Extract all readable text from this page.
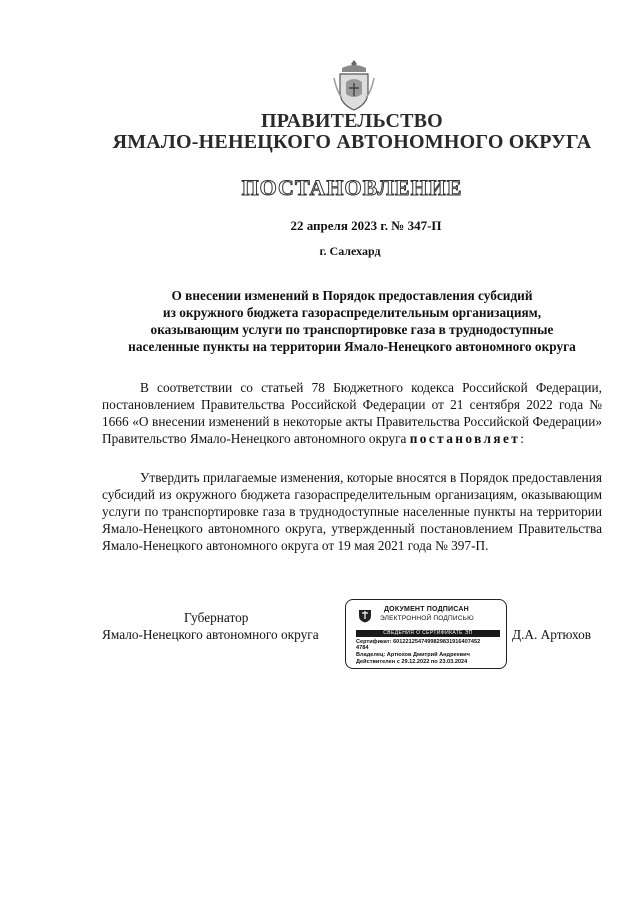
ПРАВИТЕЛЬСТВО
ЯМАЛО-НЕНЕЦКОГО АВТОНОМНОГО ОКРУГА
ПОСТАНОВЛЕНИЕ
22 апреля 2023 г. № 347-П
г. Салехард
О внесении изменений в Порядок предоставления субсидий
из окружного бюджета газораспределительным организациям,
оказывающим услуги по транспортировке газа в труднодоступные
населенные пункты на территории Ямало-Ненецкого автономного округа
В соответствии со статьей 78 Бюджетного кодекса Российской Федерации, постановлением Правительства Российской Федерации от 21 сентября 2022 года № 1666 «О внесении изменений в некоторые акты Правительства Российской Федерации» Правительство Ямало-Ненецкого автономного округа постановляет:
Утвердить прилагаемые изменения, которые вносятся в Порядок предоставления субсидий из окружного бюджета газораспределительным организациям, оказывающим услуги по транспортировке газа в труднодоступные населенные пункты на территории Ямало-Ненецкого автономного округа, утвержденный постановлением Правительства Ямало-Ненецкого автономного округа от 19 мая 2021 года № 397-П.
Губернатор
Ямало-Ненецкого автономного округа
ДОКУМЕНТ ПОДПИСАН
ЭЛЕКТРОННОЙ ПОДПИСЬЮ
СВЕДЕНИЯ О СЕРТИФИКАТЕ ЭП
Сертификат: 6012212547499829831916407452
4784
Владелец: Артюхов Дмитрий Андреевич
Действителен с 29.12.2022 по 23.03.2024
Д.А. Артюхов
